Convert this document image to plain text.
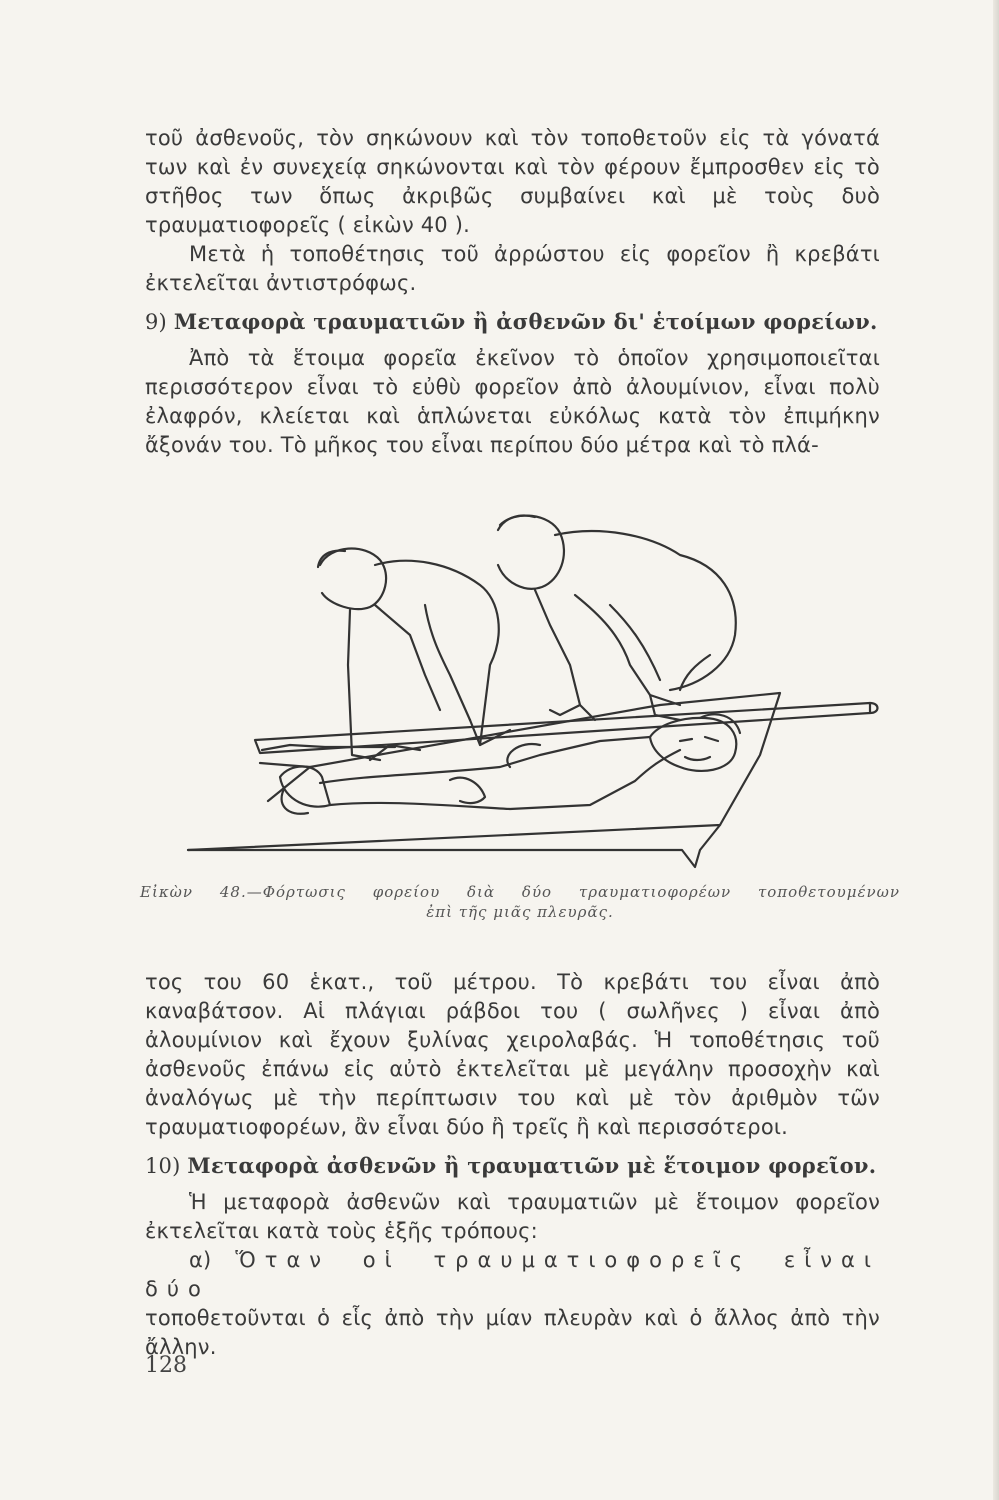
τοῦ ἀσθενοῦς, τὸν σηκώνουν καὶ τὸν τοποθετοῦν εἰς τὰ γόνατά των καὶ ἐν συνεχείᾳ σηκώνονται καὶ τὸν φέρουν ἔμπροσθεν εἰς τὸ στῆθος των ὅπως ἀκριβῶς συμβαίνει καὶ μὲ τοὺς δυὸ τραυματιοφορεῖς ( εἰκὼν 40 ).

Μετὰ ἡ τοποθέτησις τοῦ ἀρρώστου εἰς φορεῖον ἢ κρεβάτι ἐκτελεῖται ἀντιστρόφως.

9) Μεταφορὰ τραυματιῶν ἢ ἀσθενῶν δι' ἑτοίμων φορείων.

Ἀπὸ τὰ ἕτοιμα φορεῖα ἐκεῖνον τὸ ὁποῖον χρησιμοποιεῖται περισσότερον εἶναι τὸ εὐθὺ φορεῖον ἀπὸ ἀλουμίνιον, εἶναι πολὺ ἐλαφρόν, κλείεται καὶ ἁπλώνεται εὐκόλως κατὰ τὸν ἐπιμήκην ἄξονάν του. Τὸ μῆκος του εἶναι περίπου δύο μέτρα καὶ τὸ πλά-

Εἰκὼν 48.—Φόρτωσις φορείου διὰ δύο τραυματιοφορέων τοποθετουμένων
ἐπὶ τῆς μιᾶς πλευρᾶς.

τος του 60 ἑκατ., τοῦ μέτρου. Τὸ κρεβάτι του εἶναι ἀπὸ καναβάτσον. Αἱ πλάγιαι ράβδοι του ( σωλῆνες ) εἶναι ἀπὸ ἀλουμίνιον καὶ ἔχουν ξυλίνας χειρολαβάς. Ἡ τοποθέτησις τοῦ ἀσθενοῦς ἐπάνω εἰς αὐτὸ ἐκτελεῖται μὲ μεγάλην προσοχὴν καὶ ἀναλόγως μὲ τὴν περίπτωσιν του καὶ μὲ τὸν ἀριθμὸν τῶν τραυματιοφορέων, ἂν εἶναι δύο ἢ τρεῖς ἢ καὶ περισσότεροι.

10) Μεταφορὰ ἀσθενῶν ἢ τραυματιῶν μὲ ἕτοιμον φορεῖον.

Ἡ μεταφορὰ ἀσθενῶν καὶ τραυματιῶν μὲ ἕτοιμον φορεῖον ἐκτελεῖται κατὰ τοὺς ἑξῆς τρόπους:

α) Ὅταν οἱ τραυματιοφορεῖς εἶναι δύο

τοποθετοῦνται ὁ εἷς ἀπὸ τὴν μίαν πλευρὰν καὶ ὁ ἄλλος ἀπὸ τὴν ἄλλην.

128
